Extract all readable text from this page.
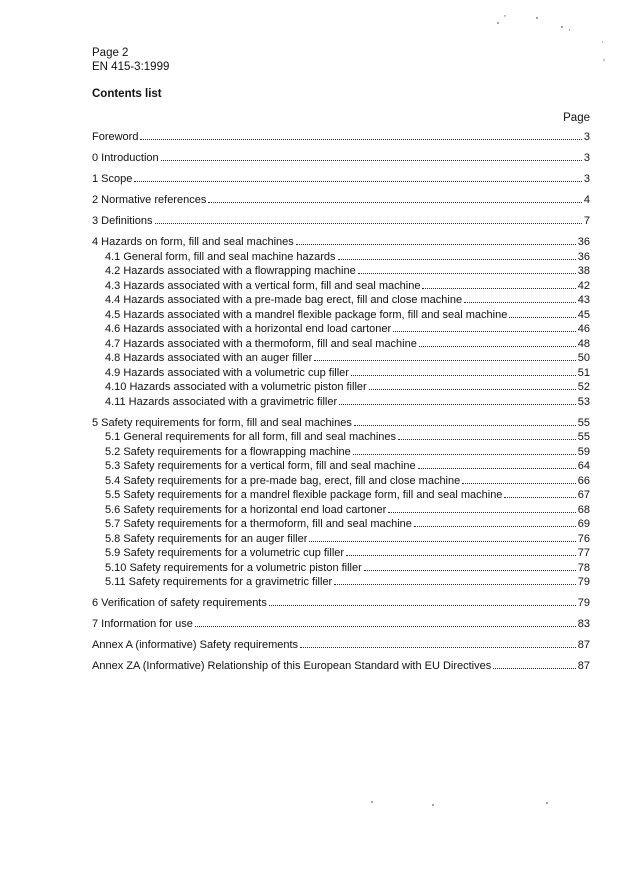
ʼ
ʾ
ʿ
ʼ
Page 2
EN 415-3:1999
Contents list
Page
Foreword	3
0 Introduction	3
1 Scope	3
2 Normative references	4
3 Definitions	7
4 Hazards on form, fill and seal machines	36
4.1 General form, fill and seal machine hazards	36
4.2 Hazards associated with a flowrapping machine	38
4.3 Hazards associated with a vertical form, fill and seal machine	42
4.4 Hazards associated with a pre-made bag erect, fill and close machine	43
4.5 Hazards associated with a mandrel flexible package form, fill and seal machine	45
4.6 Hazards associated with a horizontal end load cartoner	46
4.7 Hazards associated with a thermoform, fill and seal machine	48
4.8 Hazards associated with an auger filler	50
4.9 Hazards associated with a volumetric cup filler	51
4.10 Hazards associated with a volumetric piston filler	52
4.11 Hazards associated with a gravimetric filler	53
5 Safety requirements for form, fill and seal machines	55
5.1 General requirements for all form, fill and seal machines	55
5.2 Safety requirements for a flowrapping machine	59
5.3 Safety requirements for a vertical form, fill and seal machine	64
5.4 Safety requirements for a pre-made bag, erect, fill and close machine	66
5.5 Safety requirements for a mandrel flexible package form, fill and seal machine	67
5.6 Safety requirements for a horizontal end load cartoner	68
5.7 Safety requirements for a thermoform, fill and seal machine	69
5.8 Safety requirements for an auger filler	76
5.9 Safety requirements for a volumetric cup filler	77
5.10 Safety requirements for a volumetric piston filler	78
5.11 Safety requirements for a gravimetric filler	79
6 Verification of safety requirements	79
7 Information for use	83
Annex A (informative) Safety requirements	87
Annex ZA (Informative) Relationship of this European Standard with EU Directives	87
